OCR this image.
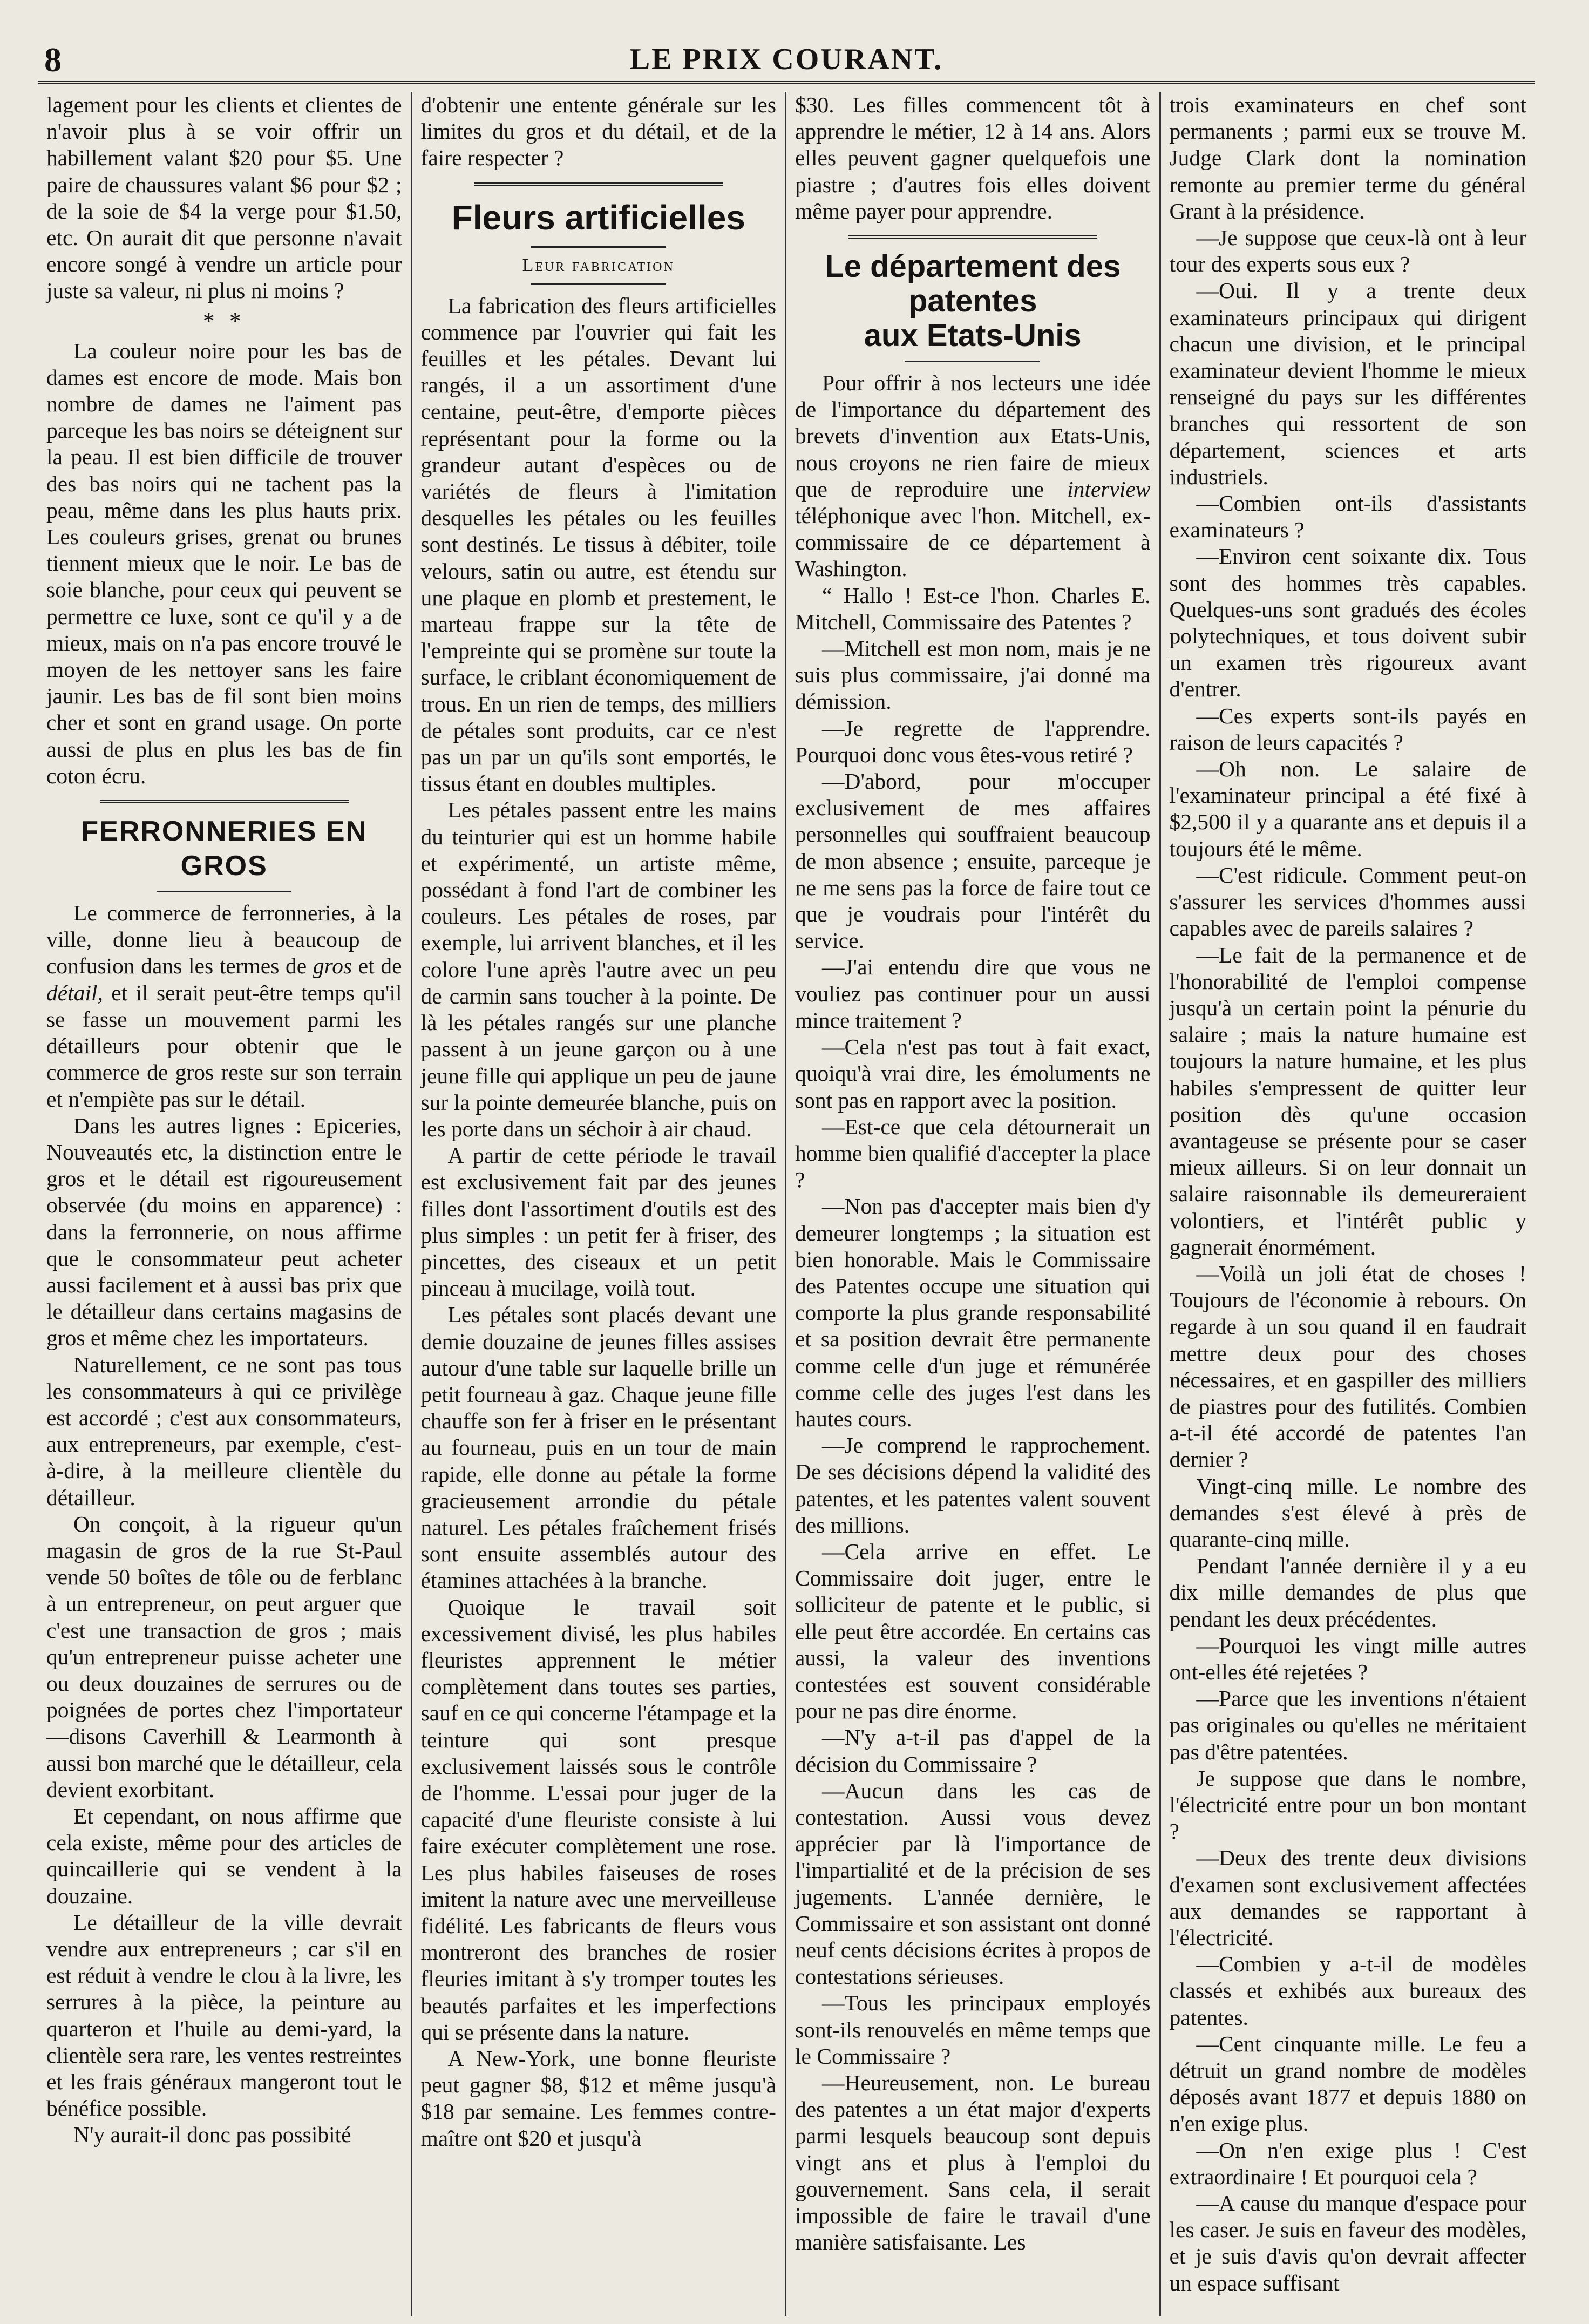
8	LE PRIX COURANT.

lagement pour les clients et clientes de n'avoir plus à se voir offrir un habillement valant $20 pour $5. Une paire de chaussures valant $6 pour $2 ; de la soie de $4 la verge pour $1.50, etc. On aurait dit que personne n'avait encore songé à vendre un article pour juste sa valeur, ni plus ni moins ?

* *

La couleur noire pour les bas de dames est encore de mode. Mais bon nombre de dames ne l'aiment pas parceque les bas noirs se déteignent sur la peau. Il est bien difficile de trouver des bas noirs qui ne tachent pas la peau, même dans les plus hauts prix. Les couleurs grises, grenat ou brunes tiennent mieux que le noir. Le bas de soie blanche, pour ceux qui peuvent se permettre ce luxe, sont ce qu'il y a de mieux, mais on n'a pas encore trouvé le moyen de les nettoyer sans les faire jaunir. Les bas de fil sont bien moins cher et sont en grand usage. On porte aussi de plus en plus les bas de fin coton écru.

FERRONNERIES EN GROS

Le commerce de ferronneries, à la ville, donne lieu à beaucoup de confusion dans les termes de gros et de détail, et il serait peut-être temps qu'il se fasse un mouvement parmi les détailleurs pour obtenir que le commerce de gros reste sur son terrain et n'empiète pas sur le détail.

Dans les autres lignes : Epiceries, Nouveautés etc, la distinction entre le gros et le détail est rigoureusement observée (du moins en apparence) : dans la ferronnerie, on nous affirme que le consommateur peut acheter aussi facilement et à aussi bas prix que le détailleur dans certains magasins de gros et même chez les importateurs.

Naturellement, ce ne sont pas tous les consommateurs à qui ce privilège est accordé ; c'est aux consommateurs, aux entrepreneurs, par exemple, c'est-à-dire, à la meilleure clientèle du détailleur.

On conçoit, à la rigueur qu'un magasin de gros de la rue St-Paul vende 50 boîtes de tôle ou de ferblanc à un entrepreneur, on peut arguer que c'est une transaction de gros ; mais qu'un entrepreneur puisse acheter une ou deux douzaines de serrures ou de poignées de portes chez l'importateur—disons Caverhill & Learmonth à aussi bon marché que le détailleur, cela devient exorbitant.

Et cependant, on nous affirme que cela existe, même pour des articles de quincaillerie qui se vendent à la douzaine.

Le détailleur de la ville devrait vendre aux entrepreneurs ; car s'il en est réduit à vendre le clou à la livre, les serrures à la pièce, la peinture au quarteron et l'huile au demi-yard, la clientèle sera rare, les ventes restreintes et les frais généraux mangeront tout le bénéfice possible.

N'y aurait-il donc pas possibité

d'obtenir une entente générale sur les limites du gros et du détail, et de la faire respecter ?

Fleurs artificielles
Leur fabrication

La fabrication des fleurs artificielles commence par l'ouvrier qui fait les feuilles et les pétales. Devant lui rangés, il a un assortiment d'une centaine, peut-être, d'emporte pièces représentant pour la forme ou la grandeur autant d'espèces ou de variétés de fleurs à l'imitation desquelles les pétales ou les feuilles sont destinés. Le tissus à débiter, toile velours, satin ou autre, est étendu sur une plaque en plomb et prestement, le marteau frappe sur la tête de l'empreinte qui se promène sur toute la surface, le criblant économiquement de trous. En un rien de temps, des milliers de pétales sont produits, car ce n'est pas un par un qu'ils sont emportés, le tissus étant en doubles multiples.

Les pétales passent entre les mains du teinturier qui est un homme habile et expérimenté, un artiste même, possédant à fond l'art de combiner les couleurs. Les pétales de roses, par exemple, lui arrivent blanches, et il les colore l'une après l'autre avec un peu de carmin sans toucher à la pointe. De là les pétales rangés sur une planche passent à un jeune garçon ou à une jeune fille qui applique un peu de jaune sur la pointe demeurée blanche, puis on les porte dans un séchoir à air chaud.

A partir de cette période le travail est exclusivement fait par des jeunes filles dont l'assortiment d'outils est des plus simples : un petit fer à friser, des pincettes, des ciseaux et un petit pinceau à mucilage, voilà tout.

Les pétales sont placés devant une demie douzaine de jeunes filles assises autour d'une table sur laquelle brille un petit fourneau à gaz. Chaque jeune fille chauffe son fer à friser en le présentant au fourneau, puis en un tour de main rapide, elle donne au pétale la forme gracieusement arrondie du pétale naturel. Les pétales fraîchement frisés sont ensuite assemblés autour des étamines attachées à la branche.

Quoique le travail soit excessivement divisé, les plus habiles fleuristes apprennent le métier complètement dans toutes ses parties, sauf en ce qui concerne l'étampage et la teinture qui sont presque exclusivement laissés sous le contrôle de l'homme. L'essai pour juger de la capacité d'une fleuriste consiste à lui faire exécuter complètement une rose. Les plus habiles faiseuses de roses imitent la nature avec une merveilleuse fidélité. Les fabricants de fleurs vous montreront des branches de rosier fleuries imitant à s'y tromper toutes les beautés parfaites et les imperfections qui se présente dans la nature.

A New-York, une bonne fleuriste peut gagner $8, $12 et même jusqu'à $18 par semaine. Les femmes contre-maître ont $20 et jusqu'à

$30. Les filles commencent tôt à apprendre le métier, 12 à 14 ans. Alors elles peuvent gagner quelquefois une piastre ; d'autres fois elles doivent même payer pour apprendre.

Le département des patentes
aux Etats-Unis

Pour offrir à nos lecteurs une idée de l'importance du département des brevets d'invention aux Etats-Unis, nous croyons ne rien faire de mieux que de reproduire une interview téléphonique avec l'hon. Mitchell, ex-commissaire de ce département à Washington.

“ Hallo ! Est-ce l'hon. Charles E. Mitchell, Commissaire des Patentes ?

—Mitchell est mon nom, mais je ne suis plus commissaire, j'ai donné ma démission.

—Je regrette de l'apprendre. Pourquoi donc vous êtes-vous retiré ?

—D'abord, pour m'occuper exclusivement de mes affaires personnelles qui souffraient beaucoup de mon absence ; ensuite, parceque je ne me sens pas la force de faire tout ce que je voudrais pour l'intérêt du service.

—J'ai entendu dire que vous ne vouliez pas continuer pour un aussi mince traitement ?

—Cela n'est pas tout à fait exact, quoiqu'à vrai dire, les émoluments ne sont pas en rapport avec la position.

—Est-ce que cela détournerait un homme bien qualifié d'accepter la place ?

—Non pas d'accepter mais bien d'y demeurer longtemps ; la situation est bien honorable. Mais le Commissaire des Patentes occupe une situation qui comporte la plus grande responsabilité et sa position devrait être permanente comme celle d'un juge et rémunérée comme celle des juges l'est dans les hautes cours.

—Je comprend le rapprochement. De ses décisions dépend la validité des patentes, et les patentes valent souvent des millions.

—Cela arrive en effet. Le Commissaire doit juger, entre le solliciteur de patente et le public, si elle peut être accordée. En certains cas aussi, la valeur des inventions contestées est souvent considérable pour ne pas dire énorme.

—N'y a-t-il pas d'appel de la décision du Commissaire ?

—Aucun dans les cas de contestation. Aussi vous devez apprécier par là l'importance de l'impartialité et de la précision de ses jugements. L'année dernière, le Commissaire et son assistant ont donné neuf cents décisions écrites à propos de contestations sérieuses.

—Tous les principaux employés sont-ils renouvelés en même temps que le Commissaire ?

—Heureusement, non. Le bureau des patentes a un état major d'experts parmi lesquels beaucoup sont depuis vingt ans et plus à l'emploi du gouvernement. Sans cela, il serait impossible de faire le travail d'une manière satisfaisante. Les

trois examinateurs en chef sont permanents ; parmi eux se trouve M. Judge Clark dont la nomination remonte au premier terme du général Grant à la présidence.

—Je suppose que ceux-là ont à leur tour des experts sous eux ?

—Oui. Il y a trente deux examinateurs principaux qui dirigent chacun une division, et le principal examinateur devient l'homme le mieux renseigné du pays sur les différentes branches qui ressortent de son département, sciences et arts industriels.

—Combien ont-ils d'assistants examinateurs ?

—Environ cent soixante dix. Tous sont des hommes très capables. Quelques-uns sont gradués des écoles polytechniques, et tous doivent subir un examen très rigoureux avant d'entrer.

—Ces experts sont-ils payés en raison de leurs capacités ?

—Oh non. Le salaire de l'examinateur principal a été fixé à $2,500 il y a quarante ans et depuis il a toujours été le même.

—C'est ridicule. Comment peut-on s'assurer les services d'hommes aussi capables avec de pareils salaires ?

—Le fait de la permanence et de l'honorabilité de l'emploi compense jusqu'à un certain point la pénurie du salaire ; mais la nature humaine est toujours la nature humaine, et les plus habiles s'empressent de quitter leur position dès qu'une occasion avantageuse se présente pour se caser mieux ailleurs. Si on leur donnait un salaire raisonnable ils demeureraient volontiers, et l'intérêt public y gagnerait énormément.

—Voilà un joli état de choses ! Toujours de l'économie à rebours. On regarde à un sou quand il en faudrait mettre deux pour des choses nécessaires, et en gaspiller des milliers de piastres pour des futilités. Combien a-t-il été accordé de patentes l'an dernier ?

Vingt-cinq mille. Le nombre des demandes s'est élevé à près de quarante-cinq mille.

Pendant l'année dernière il y a eu dix mille demandes de plus que pendant les deux précédentes.

—Pourquoi les vingt mille autres ont-elles été rejetées ?

—Parce que les inventions n'étaient pas originales ou qu'elles ne méritaient pas d'être patentées.

Je suppose que dans le nombre, l'électricité entre pour un bon montant ?

—Deux des trente deux divisions d'examen sont exclusivement affectées aux demandes se rapportant à l'électricité.

—Combien y a-t-il de modèles classés et exhibés aux bureaux des patentes.

—Cent cinquante mille. Le feu a détruit un grand nombre de modèles déposés avant 1877 et depuis 1880 on n'en exige plus.

—On n'en exige plus ! C'est extraordinaire ! Et pourquoi cela ?

—A cause du manque d'espace pour les caser. Je suis en faveur des modèles, et je suis d'avis qu'on devrait affecter un espace suffisant
